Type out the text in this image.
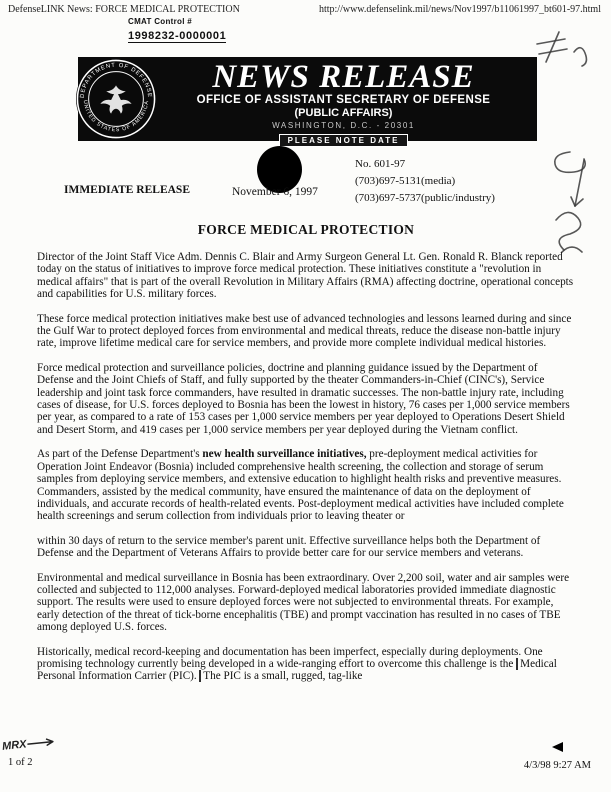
DefenseLINK News: FORCE MEDICAL PROTECTION	http://www.defenselink.mil/news/Nov1997/b11061997_bt601-97.html
CMAT Control #
1998232-0000001
DEPARTMENT OF DEFENSE
UNITED STATES OF AMERICA
NEWS RELEASE
OFFICE OF ASSISTANT SECRETARY OF DEFENSE
(PUBLIC AFFAIRS)
WASHINGTON, D.C. - 20301
PLEASE NOTE DATE
IMMEDIATE RELEASE	November 6, 1997
No. 601-97
(703)697-5131(media)
(703)697-5737(public/industry)
FORCE MEDICAL PROTECTION

Director of the Joint Staff Vice Adm. Dennis C. Blair and Army Surgeon General Lt. Gen. Ronald R. Blanck reported today on the status of initiatives to improve force medical protection. These initiatives constitute a "revolution in medical affairs" that is part of the overall Revolution in Military Affairs (RMA) affecting doctrine, operational concepts and capabilities for U.S. military forces.

These force medical protection initiatives make best use of advanced technologies and lessons learned during and since the Gulf War to protect deployed forces from environmental and medical threats, reduce the disease non-battle injury rate, improve lifetime medical care for service members, and provide more complete individual medical histories.

Force medical protection and surveillance policies, doctrine and planning guidance issued by the Department of Defense and the Joint Chiefs of Staff, and fully supported by the theater Commanders-in-Chief (CINC's), Service leadership and joint task force commanders, have resulted in dramatic successes. The non-battle injury rate, including cases of disease, for U.S. forces deployed to Bosnia has been the lowest in history, 76 cases per 1,000 service members per year, as compared to a rate of 153 cases per 1,000 service members per year deployed to Operations Desert Shield and Desert Storm, and 419 cases per 1,000 service members per year deployed during the Vietnam conflict.

As part of the Defense Department's new health surveillance initiatives, pre-deployment medical activities for Operation Joint Endeavor (Bosnia) included comprehensive health screening, the collection and storage of serum samples from deploying service members, and extensive education to highlight health risks and preventive measures. Commanders, assisted by the medical community, have ensured the maintenance of data on the deployment of individuals, and accurate records of health-related events. Post-deployment medical activities have included complete health screenings and serum collection from individuals prior to leaving theater or

within 30 days of return to the service member's parent unit. Effective surveillance helps both the Department of Defense and the Department of Veterans Affairs to provide better care for our service members and veterans.

Environmental and medical surveillance in Bosnia has been extraordinary. Over 2,200 soil, water and air samples were collected and subjected to 112,000 analyses. Forward-deployed medical laboratories provided immediate diagnostic support. The results were used to ensure deployed forces were not subjected to environmental threats. For example, early detection of the threat of tick-borne encephalitis (TBE) and prompt vaccination has resulted in no cases of TBE among deployed U.S. forces.

Historically, medical record-keeping and documentation has been imperfect, especially during deployments. One promising technology currently being developed in a wide-ranging effort to overcome this challenge is the Medical Personal Information Carrier (PIC). The PIC is a small, rugged, tag-like

MRX
1 of 2	4/3/98 9:27 AM
